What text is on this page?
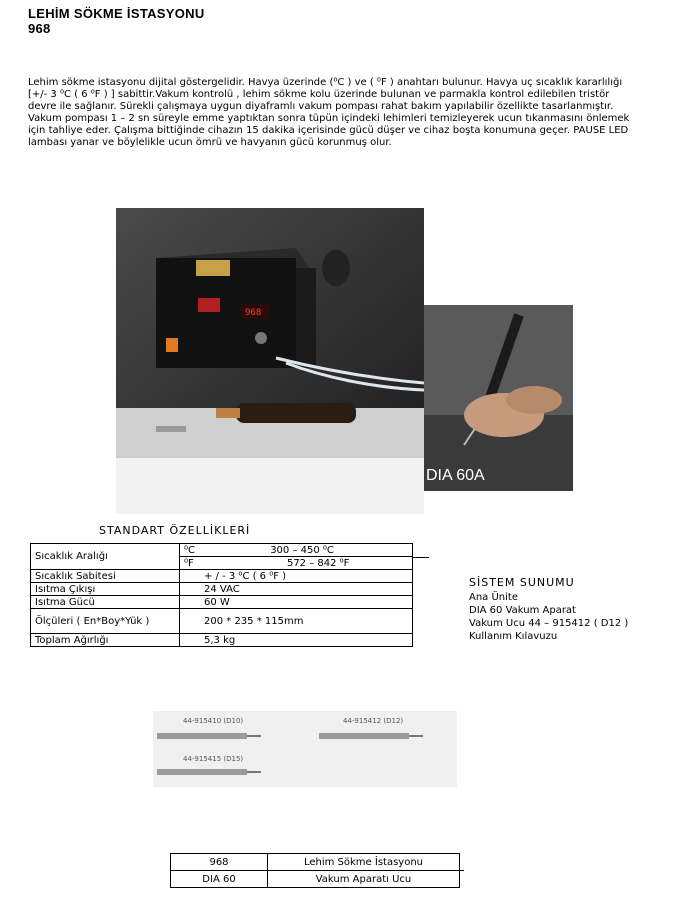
LEHİM SÖKME İSTASYONU
968
Lehim sökme istasyonu dijital göstergelidir. Havya üzerinde (⁰C ) ve ( ⁰F ) anahtarı bulunur. Havya uç sıcaklık kararlılığı
[+/- 3 ⁰C ( 6 ⁰F ) ] sabittir.Vakum kontrolü , lehim sökme kolu üzerinde bulunan ve parmakla kontrol edilebilen tristör
devre ile sağlanır. Sürekli çalışmaya uygun diyaframlı vakum pompası rahat bakım yapılabilir özellikte tasarlanmıştır.
Vakum pompası 1 – 2 sn süreyle emme yaptıktan sonra tüpün içindeki lehimleri temizleyerek ucun tıkanmasını önlemek
için tahliye eder. Çalışma bittiğinde cihazın 15 dakika içerisinde gücü düşer ve cihaz boşta konumuna geçer. PAUSE LED
lambası yanar ve böylelikle ucun ömrü ve havyanın gücü korunmuş olur.
968
DIA 60A
STANDART ÖZELLİKLERİ
Sıcaklık Aralığı	⁰C 300 – 450 ⁰C
	⁰F 572 – 842 ⁰F
Sıcaklık Sabitesi	+ / - 3 ⁰C ( 6 ⁰F )
Isıtma Çıkışı	24 VAC
Isıtma Gücü	60 W
Ölçüleri ( En*Boy*Yük )	200 * 235 * 115mm
Toplam Ağırlığı	5,3 kg
SİSTEM SUNUMU
Ana Ünite
DIA 60 Vakum Aparat
Vakum Ucu 44 – 915412 ( D12 )
Kullanım Kılavuzu
44-915410 (D10)	44-915412 (D12)
44-915415 (D15)
968	Lehim Sökme İstasyonu
DIA 60	Vakum Aparatı Ucu
